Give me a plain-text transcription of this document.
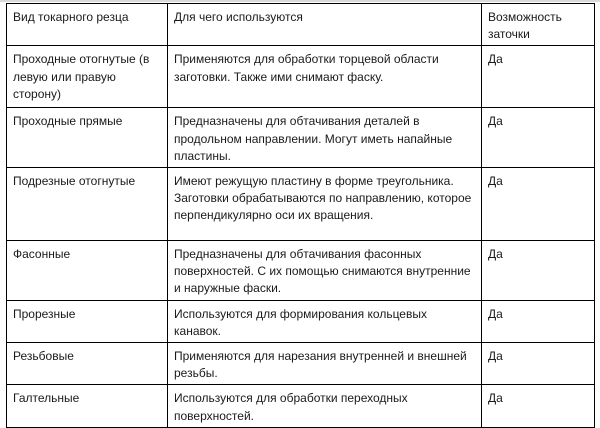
Вид токарного резца	Для чего используются	Возможность заточки
Проходные отогнутые (в левую или правую сторону)	Применяются для обработки торцевой области заготовки. Также ими снимают фаску.	Да
Проходные прямые	Предназначены для обтачивания деталей в продольном направлении. Могут иметь напайные пластины.	Да
Подрезные отогнутые	Имеют режущую пластину в форме треугольника. Заготовки обрабатываются по направлению, которое перпендикулярно оси их вращения.	Да
Фасонные	Предназначены для обтачивания фасонных поверхностей. С их помощью снимаются внутренние и наружные фаски.	Да
Прорезные	Используются для формирования кольцевых канавок.	Да
Резьбовые	Применяются для нарезания внутренней и внешней резьбы.	Да
Галтельные	Используются для обработки переходных поверхностей.	Да
